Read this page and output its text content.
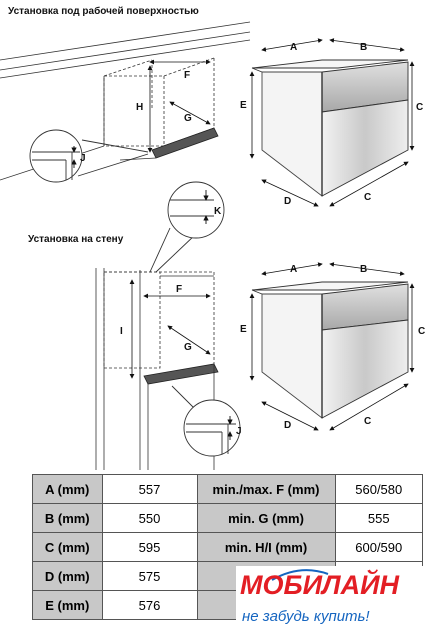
Установка под рабочей поверхностью
Установка на стену
F
G
H
J
A	B
E	C
D	C
K
F
G
I
J
A	B
E	C
D	C
A (mm)	557	min./max. F (mm)	560/580
B (mm)	550	min. G (mm)	555
C (mm)	595	min. H/I (mm)	600/590
D (mm)	575		
E (mm)	576		
МОБИЛАЙН
не забудь купить!
